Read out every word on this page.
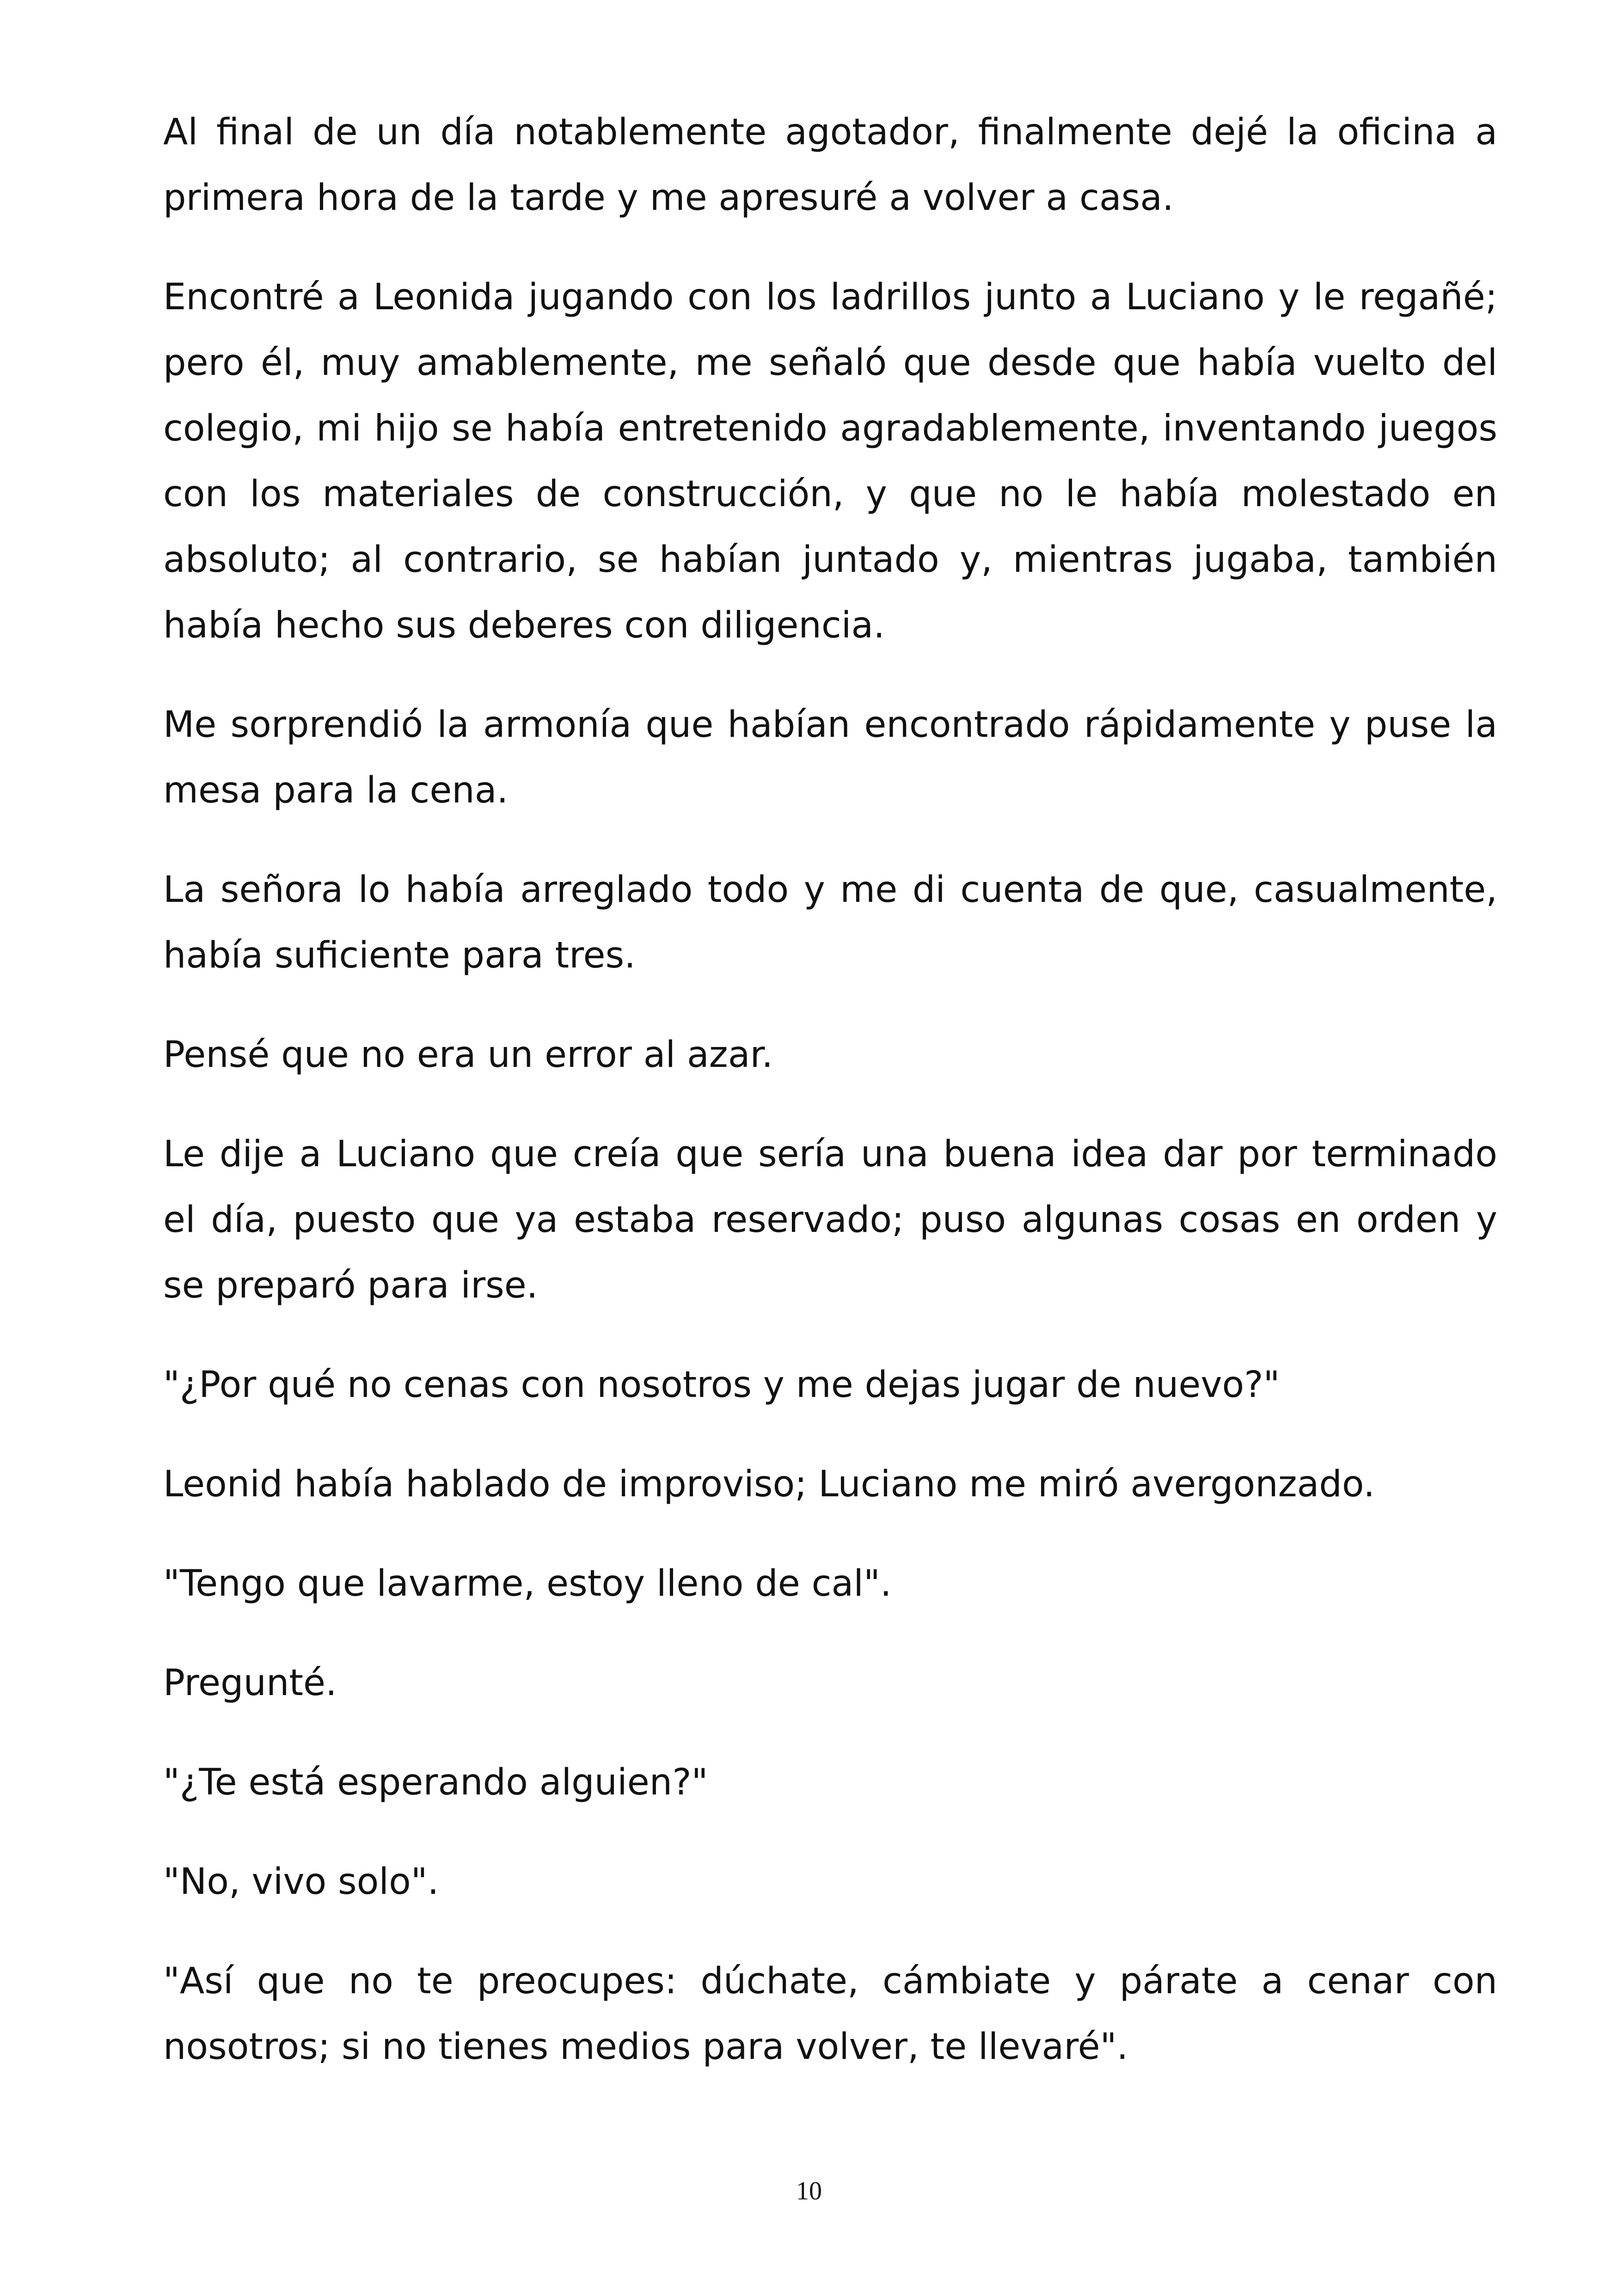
Al final de un día notablemente agotador, finalmente dejé la oficina a primera hora de la tarde y me apresuré a volver a casa.

Encontré a Leonida jugando con los ladrillos junto a Luciano y le regañé; pero él, muy amablemente, me señaló que desde que había vuelto del colegio, mi hijo se había entretenido agradablemente, inventando juegos con los materiales de construcción, y que no le había molestado en absoluto; al contrario, se habían juntado y, mientras jugaba, también había hecho sus deberes con diligencia.

Me sorprendió la armonía que habían encontrado rápidamente y puse la mesa para la cena.

La señora lo había arreglado todo y me di cuenta de que, casualmente, había suficiente para tres.

Pensé que no era un error al azar.

Le dije a Luciano que creía que sería una buena idea dar por terminado el día, puesto que ya estaba reservado; puso algunas cosas en orden y se preparó para irse.

"¿Por qué no cenas con nosotros y me dejas jugar de nuevo?"

Leonid había hablado de improviso; Luciano me miró avergonzado.

"Tengo que lavarme, estoy lleno de cal".

Pregunté.

"¿Te está esperando alguien?"

"No, vivo solo".

"Así que no te preocupes: dúchate, cámbiate y párate a cenar con nosotros; si no tienes medios para volver, te llevaré".

10
